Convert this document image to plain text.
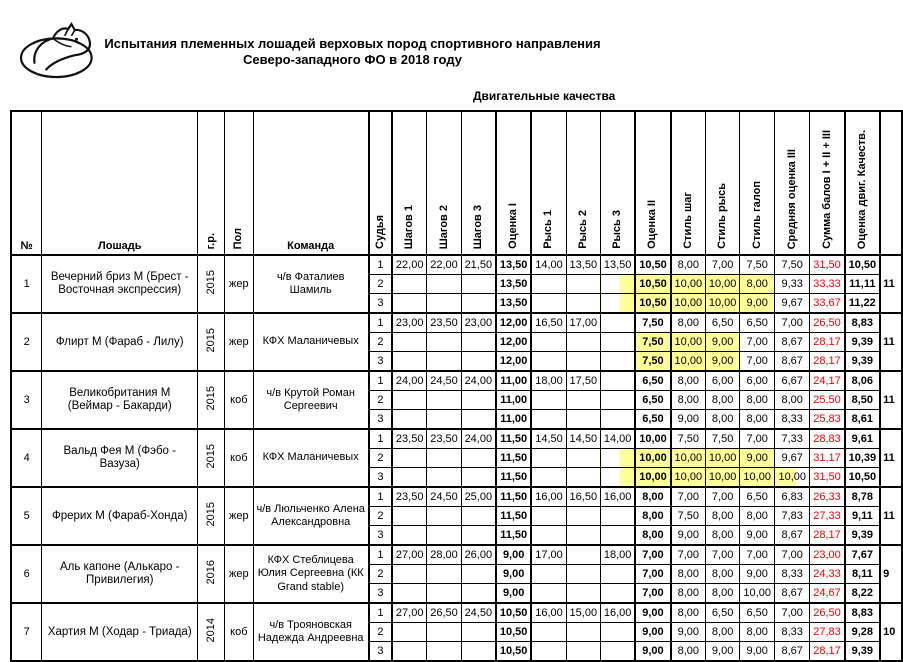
Испытания племенных лошадей верховых пород спортивного направления
Северо-западного ФО в 2018 году
Двигательные качества
№	Лошадь	г.р.	Пол	Команда	Судья	Шагов 1	Шагов 2	Шагов 3	Оценка I	Рысь 1	Рысь 2	Рысь 3	Оценка II	Стиль шаг	Стиль рысь	Стиль галоп	Средняя оценка III	Сумма балов I + II + III	Оценка двиг. Качеств.	
1	Вечерний бриз М (Брест - Восточная экспрессия)	2015	жер	ч/в Фаталиев Шамиль	1	22,00	22,00	21,50	13,50	14,00	13,50	13,50	10,50	8,00	7,00	7,50	7,50	31,50	10,50	11
					2				13,50				10,50	10,00	10,00	8,00	9,33	33,33	11,11	
					3				13,50				10,50	10,00	10,00	9,00	9,67	33,67	11,22	
2	Флирт М (Фараб - Лилу)	2015	жер	КФХ Маланичевых	1	23,00	23,50	23,00	12,00	16,50	17,00		7,50	8,00	6,50	6,50	7,00	26,50	8,83	11
					2				12,00				7,50	10,00	9,00	7,00	8,67	28,17	9,39	
					3				12,00				7,50	10,00	9,00	7,00	8,67	28,17	9,39	
3	Великобритания М (Веймар - Бакарди)	2015	коб	ч/в Крутой Роман Сергеевич	1	24,00	24,50	24,00	11,00	18,00	17,50		6,50	8,00	6,00	6,00	6,67	24,17	8,06	11
					2				11,00				6,50	8,00	8,00	8,00	8,00	25,50	8,50	
					3				11,00				6,50	9,00	8,00	8,00	8,33	25,83	8,61	
4	Вальд Фея М (Фэбо - Вазуза)	2015	коб	КФХ Маланичевых	1	23,50	23,50	24,00	11,50	14,50	14,50	14,00	10,00	7,50	7,50	7,00	7,33	28,83	9,61	11
					2				11,50				10,00	10,00	10,00	9,00	9,67	31,17	10,39	
					3				11,50				10,00	10,00	10,00	10,00	10,00	31,50	10,50	
5	Фрерих М (Фараб-Хонда)	2015	жер	ч/в Люльченко Алена Александровна	1	23,50	24,50	25,00	11,50	16,00	16,50	16,00	8,00	7,00	7,00	6,50	6,83	26,33	8,78	11
					2				11,50				8,00	7,50	8,00	8,00	7,83	27,33	9,11	
					3				11,50				8,00	9,00	8,00	9,00	8,67	28,17	9,39	
6	Аль капоне (Алькаро - Привилегия)	2016	жер	КФХ Стеблицева Юлия Сергеевна (КК Grand stable)	1	27,00	28,00	26,00	9,00	17,00		18,00	7,00	7,00	7,00	7,00	7,00	23,00	7,67	9
					2				9,00				7,00	8,00	8,00	9,00	8,33	24,33	8,11	
					3				9,00				7,00	8,00	8,00	10,00	8,67	24,67	8,22	
7	Хартия М (Ходар - Триада)	2014	коб	ч/в Трояновская Надежда Андреевна	1	27,00	26,50	24,50	10,50	16,00	15,00	16,00	9,00	8,00	6,50	6,50	7,00	26,50	8,83	10
					2				10,50				9,00	9,00	8,00	8,00	8,33	27,83	9,28	
					3				10,50				9,00	8,00	9,00	9,00	8,67	28,17	9,39	
